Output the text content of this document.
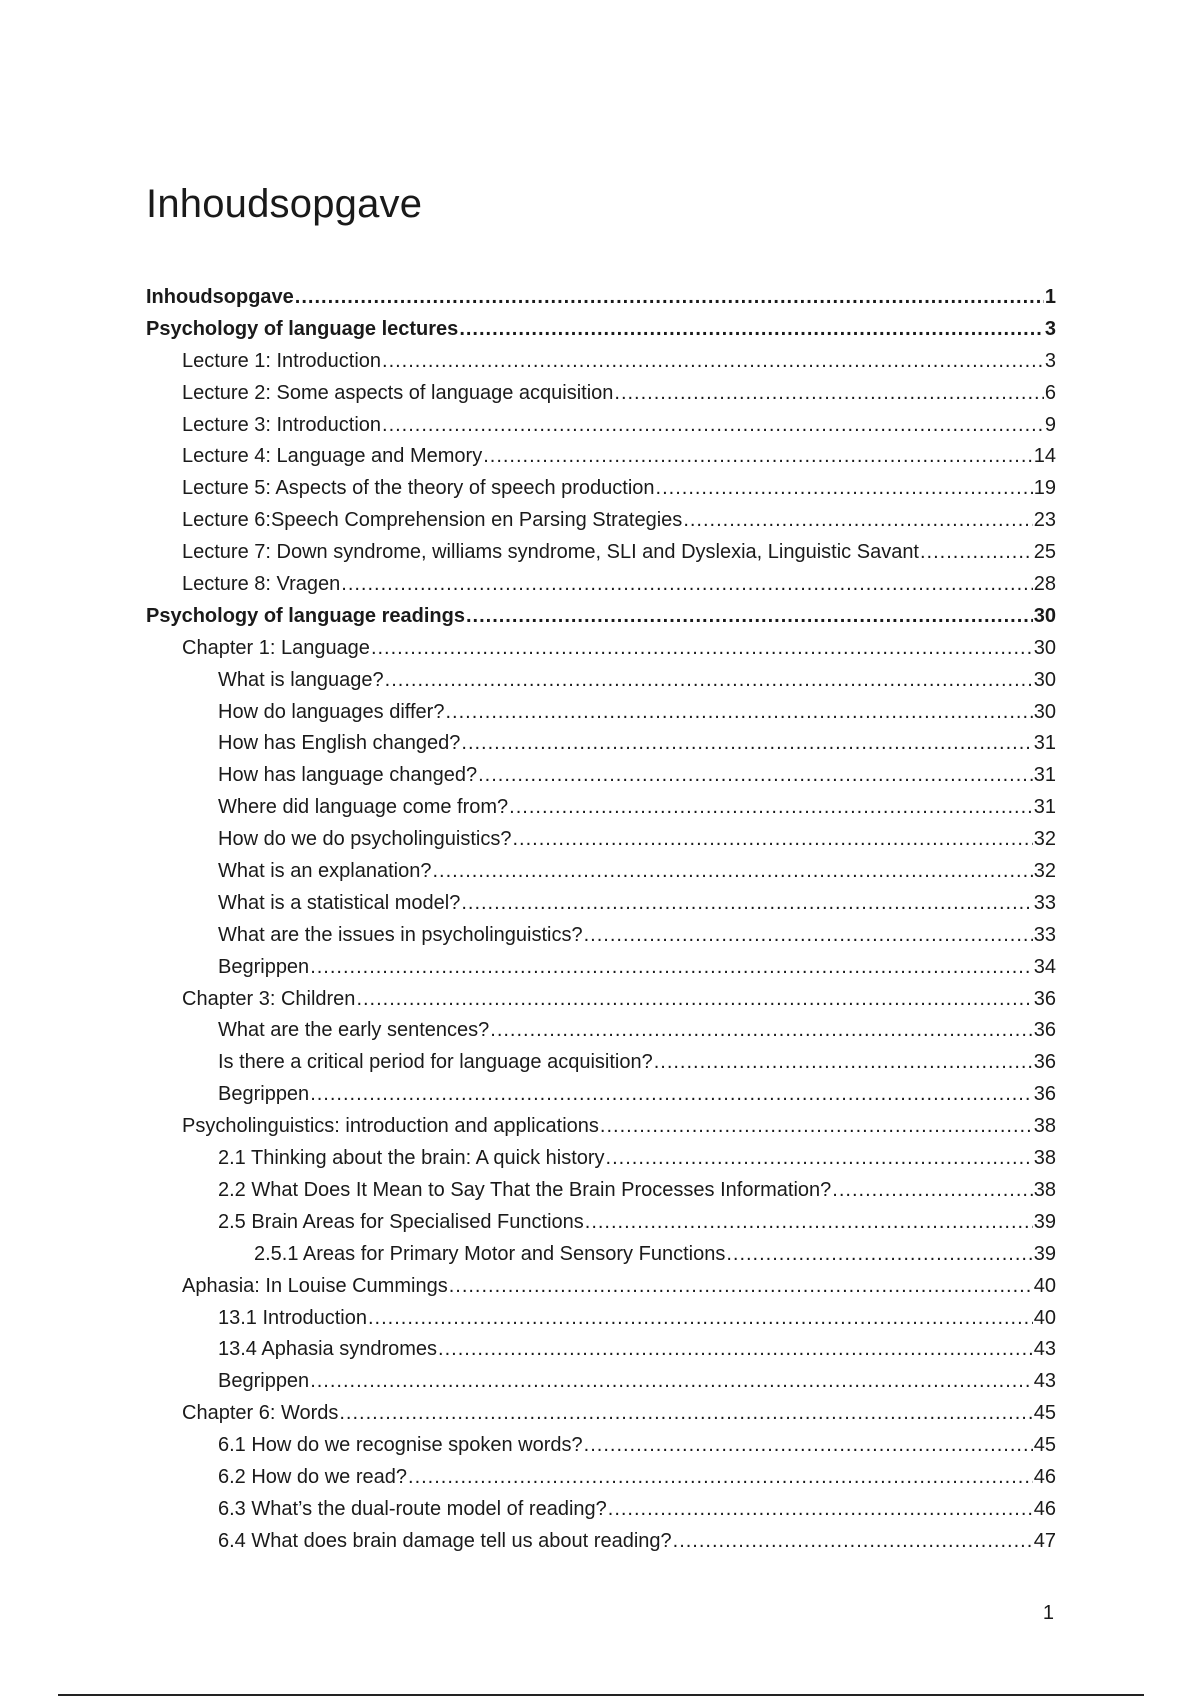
Inhoudsopgave
Inhoudsopgave .....	1
Psychology of language lectures .....	3
Lecture 1: Introduction .....	3
Lecture 2: Some aspects of language acquisition .....	6
Lecture 3: Introduction .....	9
Lecture 4: Language and Memory .....	14
Lecture 5: Aspects of the theory of speech production .....	19
Lecture 6:Speech Comprehension en Parsing Strategies .....	23
Lecture 7: Down syndrome, williams syndrome, SLI and Dyslexia, Linguistic Savant .....	25
Lecture 8: Vragen .....	28
Psychology of language readings .....	30
Chapter 1: Language .....	30
What is language? .....	30
How do languages differ? .....	30
How has English changed? .....	31
How has language changed? .....	31
Where did language come from? .....	31
How do we do psycholinguistics? .....	32
What is an explanation? .....	32
What is a statistical model? .....	33
What are the issues in psycholinguistics? .....	33
Begrippen .....	34
Chapter 3: Children .....	36
What are the early sentences? .....	36
Is there a critical period for language acquisition? .....	36
Begrippen .....	36
Psycholinguistics: introduction and applications .....	38
2.1 Thinking about the brain: A quick history .....	38
2.2 What Does It Mean to Say That the Brain Processes Information? .....	38
2.5 Brain Areas for Specialised Functions .....	39
2.5.1 Areas for Primary Motor and Sensory Functions .....	39
Aphasia: In Louise Cummings .....	40
13.1 Introduction .....	40
13.4 Aphasia syndromes .....	43
Begrippen .....	43
Chapter 6: Words .....	45
6.1 How do we recognise spoken words? .....	45
6.2 How do we read? .....	46
6.3 What’s the dual-route model of reading? .....	46
6.4 What does brain damage tell us about reading? .....	47
1
